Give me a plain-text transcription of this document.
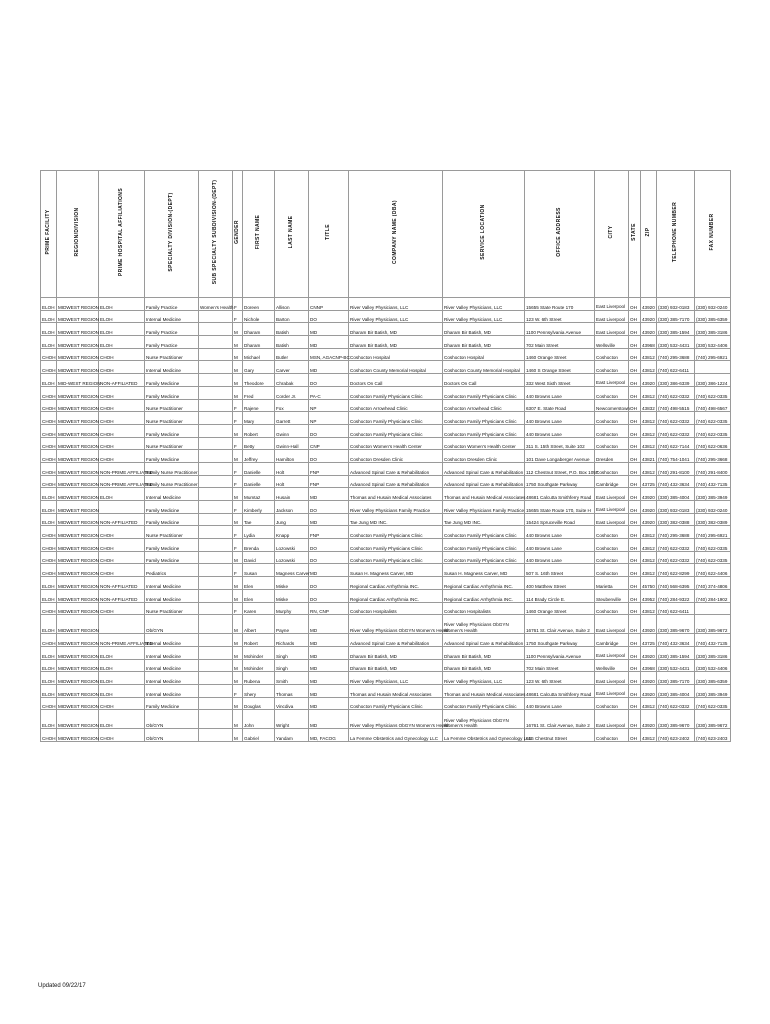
PRIME FACILITY	REGION/DIVISION	PRIME HOSPITAL AFFILIATIONS	SPECIALTY DIVISION-(DEPT)	SUB SPECIALTY SUBDIVISION-(DEPT)	GENDER	FIRST NAME	LAST NAME	TITLE	COMPANY NAME (DBA)	SERVICE LOCATION	OFFICE ADDRESS	CITY	STATE	ZIP	TELEPHONE NUMBER	FAX NUMBER

ELOH	MIDWEST REGION	ELOH	Family Practice	Women's Health	F	Doreen	Allison	CNNP	River Valley Physicians, LLC	River Valley Physicians, LLC	15655 State Route 170	East Liverpool	OH	43920	(330) 932-0183	(330) 932-0240
ELOH	MIDWEST REGION	ELOH	Internal Medicine		F	Nichole	Barton	DO	River Valley Physicians, LLC	River Valley Physicians, LLC	123 W. 6th Street	East Liverpool	OH	43920	(330) 385-7170	(330) 385-6359
ELOH	MIDWEST REGION	ELOH	Family Practice		M	Dharam	Batish	MD	Dharam Bir Batish, MD	Dharam Bir Batish, MD	1100 Pennsylvania Avenue	East Liverpool	OH	43920	(330) 385-1594	(330) 385-3186
ELOH	MIDWEST REGION	ELOH	Family Practice		M	Dharam	Batish	MD	Dharam Bir Batish, MD	Dharam Bir Batish, MD	702 Main Street	Wellsville	OH	43968	(330) 532-4431	(330) 532-4406
CHOH	MIDWEST REGION	CHOH	Nurse Practitioner		M	Michael	Butler	MSN, AGACNP-BC	Coshocton Hospital	Coshocton Hospital	1460 Orange Street	Coshocton	OH	43812	(740) 295-3688	(740) 295-6921
CHOH	MIDWEST REGION	CHOH	Internal Medicine		M	Gary	Carver	MD	Coshocton County Memorial Hospital	Coshocton County Memorial Hospital	1460 S Orange Street	Coshocton	OH	43812	(740) 622-6411	
ELOH	MID-WEST REGION	NON-AFFILIATED	Family Medicine		M	Theodore	Chrabak	DO	Doctors On Call	Doctors On Call	332 West Sixth Street	East Liverpool	OH	43920	(330) 386-6339	(330) 386-1224
CHOH	MIDWEST REGION	CHOH	Family Medicine		M	Fred	Corder Jr.	PA-C	Coshocton Family Physicians Clinic	Coshocton Family Physicians Clinic	440 Browns Lane	Coshocton	OH	43812	(740) 622-0332	(740) 622-0335
CHOH	MIDWEST REGION	CHOH	Nurse Practitioner		F	Rajene	Fox	NP	Coshocton Arrowhead Clinic	Coshocton Arrowhead Clinic	6307 E. State Road	Newcomerstown	OH	43832	(740) 498-5515	(740) 498-6567
CHOH	MIDWEST REGION	CHOH	Nurse Practitioner		F	Mary	Garrett	NP	Coshocton Family Physicians Clinic	Coshocton Family Physicians Clinic	440 Browns Lane	Coshocton	OH	43812	(740) 622-0332	(740) 622-0335
CHOH	MIDWEST REGION	CHOH	Family Medicine		M	Robert	Gwinn	DO	Coshocton Family Physicians Clinic	Coshocton Family Physicians Clinic	440 Browns Lane	Coshocton	OH	43812	(740) 622-0332	(740) 622-0335
CHOH	MIDWEST REGION	CHOH	Nurse Practitioner		F	Betty	Gwinn-Hall	CNP	Coshocton Women's Health Center	Coshocton Women's Health Center	311 S. 15th Street, Suite 102	Coshocton	OH	43812	(740) 622-7144	(740) 622-0636
CHOH	MIDWEST REGION	CHOH	Family Medicine		M	Jeffrey	Hamilton	DO	Coshocton Dresden Clinic	Coshocton Dresden Clinic	101 Dave Longaberger Avenue	Dresden	OH	43821	(740) 754-1041	(740) 295-3668
CHOH	MIDWEST REGION	NON-PRIME AFFILIATED	Family Nurse Practitioner		F	Danielle	Holt	FNP	Advanced Spinal Care & Rehabilitation	Advanced Spinal Care & Rehabilitation	112 Chestnut Street, P.O. Box 1057	Coshocton	OH	43812	(740) 291-8100	(740) 291-8400
CHOH	MIDWEST REGION	NON-PRIME AFFILIATED	Family Nurse Practitioner		F	Danielle	Holt	FNP	Advanced Spinal Care & Rehabilitation	Advanced Spinal Care & Rehabilitation	1750 Southgate Parkway	Cambridge	OH	43725	(740) 432-3634	(740) 432-7135
ELOH	MIDWEST REGION	ELOH	Internal Medicine		M	Mumtaz	Husain	MD	Thomas and Husain Medical Associates	Thomas and Husain Medical Associates	48681 Calcutta Smithferry Road	East Liverpool	OH	43920	(330) 385-4004	(330) 385-3949
ELOH	MIDWEST REGION		Family Medicine		F	Kimberly	Jackson	DO	River Valley Physicians Family Practice	River Valley Physicians Family Practice	15655 State Route 170, Suite H	East Liverpool	OH	43920	(330) 932-0183	(330) 932-0240
ELOH	MIDWEST REGION	NON-AFFILIATED	Family Medicine		M	Tae	Jung	MD	Tae Jung MD INC.	Tae Jung MD INC.	15424 Spruceville Road	East Liverpool	OH	43920	(330) 382-0388	(330) 382-0389
CHOH	MIDWEST REGION	CHOH	Nurse Practitioner		F	Lydia	Knapp	FNP	Coshocton Family Physicians Clinic	Coshocton Family Physicians Clinic	440 Browns Lane	Coshocton	OH	43812	(740) 295-3688	(740) 295-6921
CHOH	MIDWEST REGION	CHOH	Family Medicine		F	Brenda	Lozowski	DO	Coshocton Family Physicians Clinic	Coshocton Family Physicians Clinic	440 Browns Lane	Coshocton	OH	43812	(740) 622-0332	(740) 622-0335
CHOH	MIDWEST REGION	CHOH	Family Medicine		M	David	Lozowski	DO	Coshocton Family Physicians Clinic	Coshocton Family Physicians Clinic	440 Browns Lane	Coshocton	OH	43812	(740) 622-0332	(740) 622-0335
CHOH	MIDWEST REGION	CHOH	Pediatrics		F	Susan	Magness Carver	MD	Susan H. Magness Carver, MD	Susan H. Magness Carver, MD	507 S. 16th Street	Coshocton	OH	43812	(740) 622-8299	(740) 622-4406
ELOH	MIDWEST REGION	NON-AFFILIATED	Internal Medicine		M	Elen	Miske	DO	Regional Cardiac Arrhythmia INC.	Regional Cardiac Arrhythmia INC.	400 Matthew Street	Marietta	OH	45750	(740) 568-6395	(740) 374-4806
ELOH	MIDWEST REGION	NON-AFFILIATED	Internal Medicine		M	Elen	Miske	DO	Regional Cardiac Arrhythmia INC.	Regional Cardiac Arrhythmia INC.	114 Brady Circle E.	Steubenville	OH	43952	(740) 284-9322	(740) 284-1902
CHOH	MIDWEST REGION	CHOH	Nurse Practitioner		F	Karen	Murphy	RN, CNP	Coshocton Hospitalists	Coshocton Hospitalists	1460 Orange Street	Coshocton	OH	43812	(740) 622-6411	
ELOH	MIDWEST REGION		Ob/GYN		M	Albert	Payne	MD	River Valley Physicians ObGYN Women's Health	River Valley Physicians ObGYN Women's Health	16761 St. Clair Avenue, Suite 2	East Liverpool	OH	43920	(330) 385-9670	(330) 385-9672
CHOH	MIDWEST REGION	NON-PRIME AFFILIATED	Internal Medicine		M	Robert	Richards	MD	Advanced Spinal Care & Rehabilitation	Advanced Spinal Care & Rehabilitation	1750 Southgate Parkway	Cambridge	OH	43725	(740) 432-3634	(740) 432-7135
ELOH	MIDWEST REGION	ELOH	Internal Medicine		M	Mohinder	Singh	MD	Dharam Bir Batish, MD	Dharam Bir Batish, MD	1100 Pennsylvania Avenue	East Liverpool	OH	43920	(330) 385-1594	(330) 385-3186
ELOH	MIDWEST REGION	ELOH	Internal Medicine		M	Mohinder	Singh	MD	Dharam Bir Batish, MD	Dharam Bir Batish, MD	702 Main Street	Wellsville	OH	43968	(330) 532-4431	(330) 532-4406
ELOH	MIDWEST REGION	ELOH	Internal Medicine		M	Rubena	Smith	MD	River Valley Physicians, LLC	River Valley Physicians, LLC	123 W. 6th Street	East Liverpool	OH	43920	(330) 385-7170	(330) 385-6359
ELOH	MIDWEST REGION	ELOH	Internal Medicine		F	Shery	Thomas	MD	Thomas and Husain Medical Associates	Thomas and Husain Medical Associates	48681 Calcutta Smithferry Road	East Liverpool	OH	43920	(330) 385-4004	(330) 385-3949
CHOH	MIDWEST REGION	CHOH	Family Medicine		M	Douglas	Vincdiva	MD	Coshocton Family Physicians Clinic	Coshocton Family Physicians Clinic	440 Browns Lane	Coshocton	OH	43812	(740) 622-0332	(740) 622-0335
ELOH	MIDWEST REGION	ELOH	Ob/GYN		M	John	Wright	MD	River Valley Physicians ObGYN Women's Health	River Valley Physicians ObGYN Women's Health	16761 St. Clair Avenue, Suite 2	East Liverpool	OH	43920	(330) 385-9670	(330) 385-9672
CHOH	MIDWEST REGION	CHOH	Ob/GYN		M	Gabriel	Yandam	MD, FACOG	La Femme Obstetrics and Gynecology LLC	La Femme Obstetrics and Gynecology LLC	656 Chestnut Street	Coshocton	OH	43812	(740) 623-2402	(740) 623-2403
Updated 09/22/17
